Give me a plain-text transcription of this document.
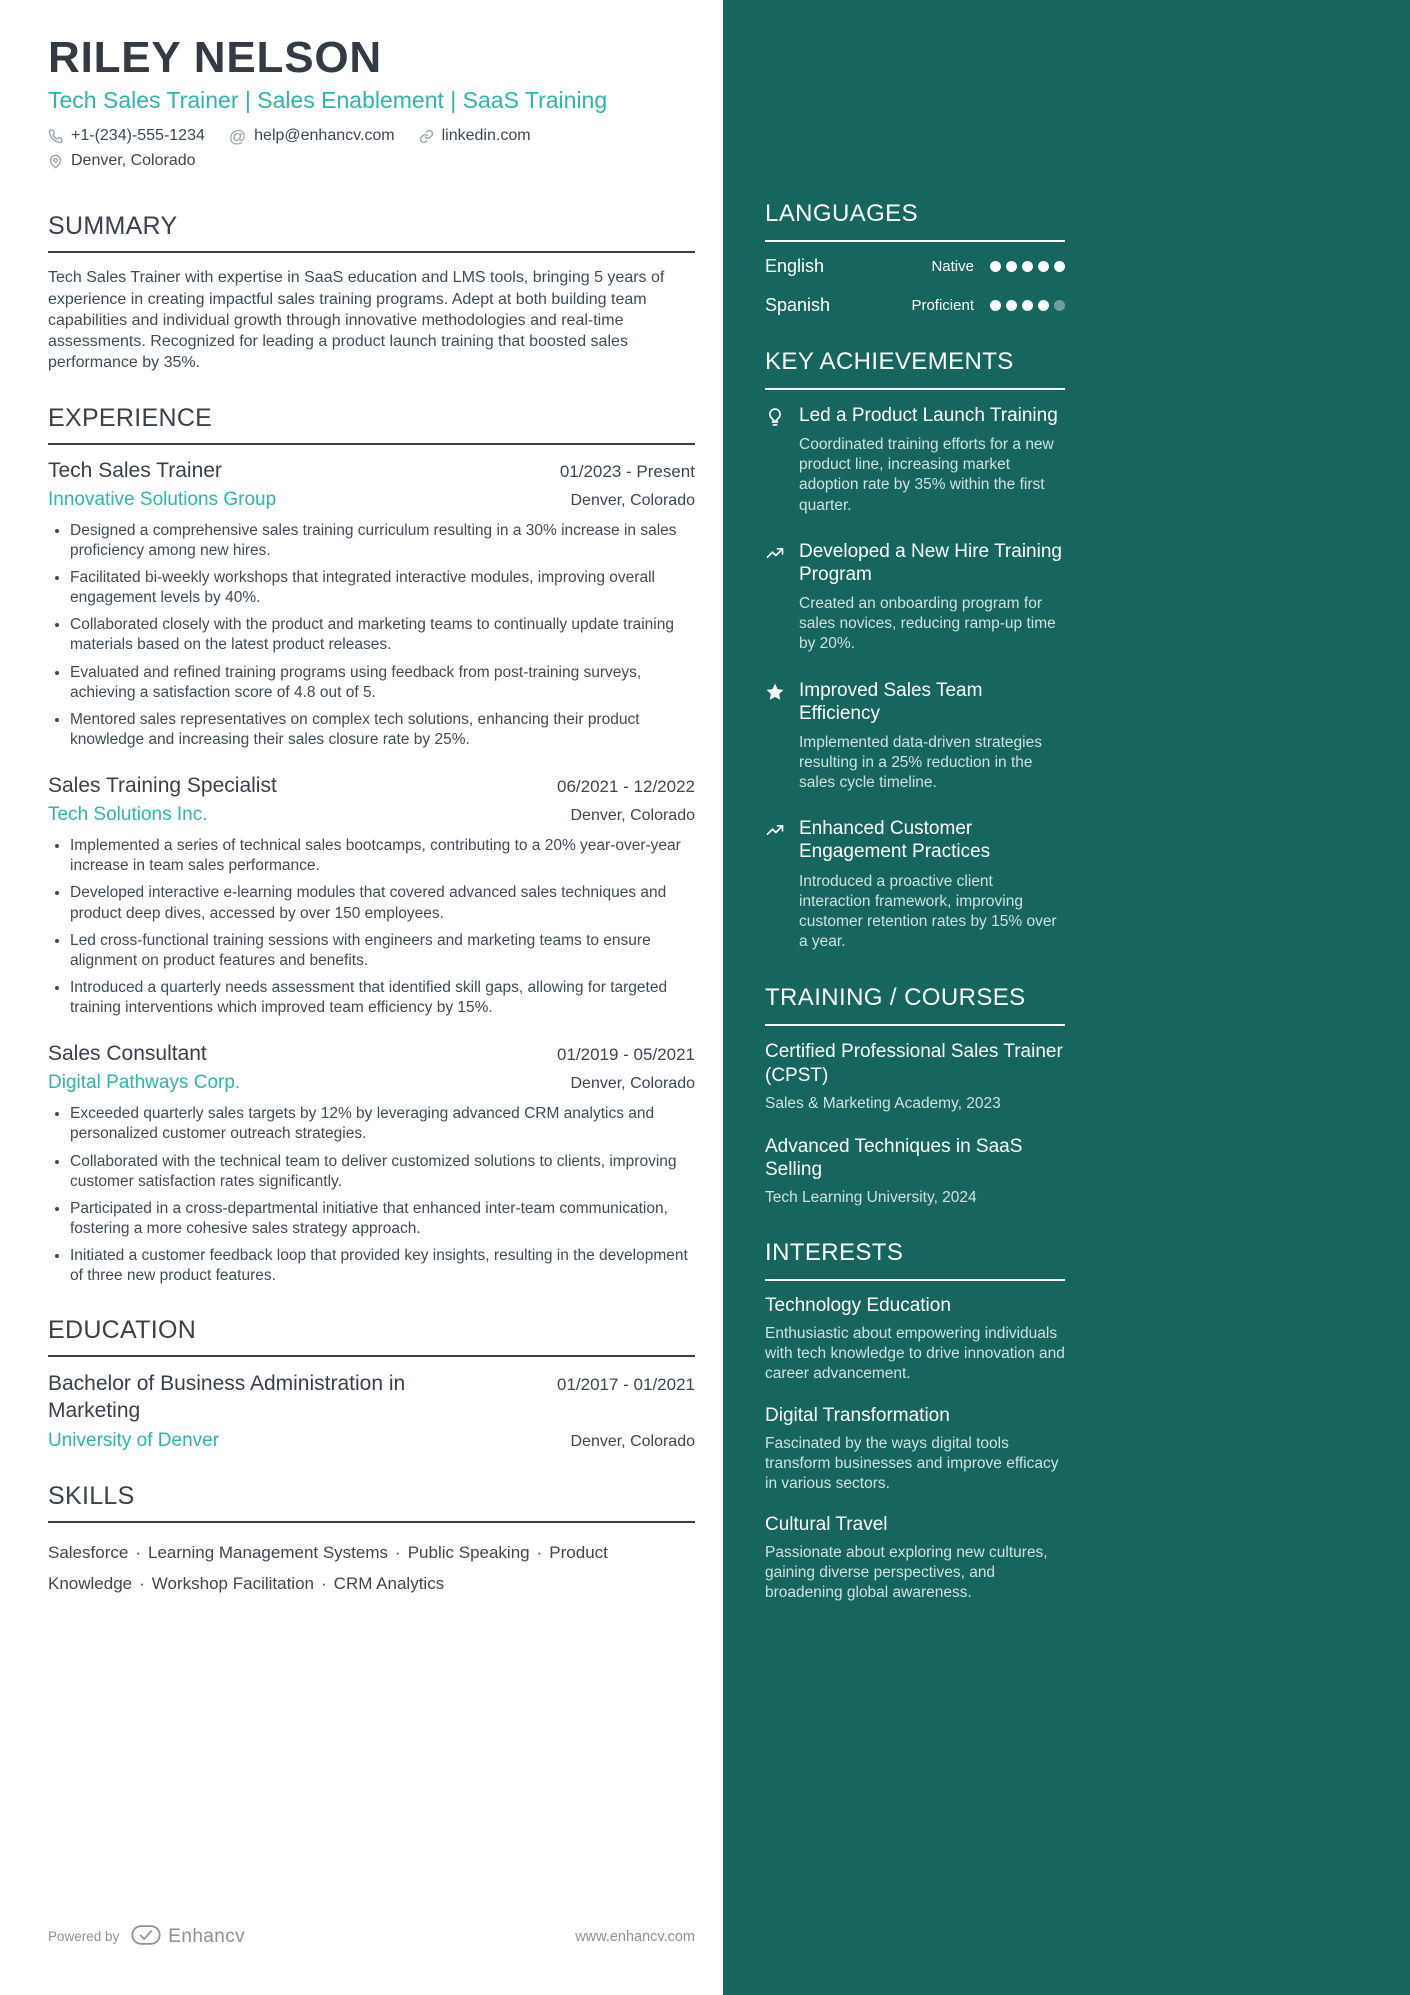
LANGUAGES
English	Native
Spanish	Proficient
KEY ACHIEVEMENTS
Led a Product Launch Training
Coordinated training efforts for a new product line, increasing market adoption rate by 35% within the first quarter.
Developed a New Hire Training Program
Created an onboarding program for sales novices, reducing ramp-up time by 20%.
Improved Sales Team Efficiency
Implemented data-driven strategies resulting in a 25% reduction in the sales cycle timeline.
Enhanced Customer Engagement Practices
Introduced a proactive client interaction framework, improving customer retention rates by 15% over a year.
TRAINING / COURSES
Certified Professional Sales Trainer (CPST)
Sales & Marketing Academy, 2023
Advanced Techniques in SaaS Selling
Tech Learning University, 2024
INTERESTS
Technology Education
Enthusiastic about empowering individuals with tech knowledge to drive innovation and career advancement.
Digital Transformation
Fascinated by the ways digital tools transform businesses and improve efficacy in various sectors.
Cultural Travel
Passionate about exploring new cultures, gaining diverse perspectives, and broadening global awareness.
RILEY NELSON
Tech Sales Trainer | Sales Enablement | SaaS Training
+1-(234)-555-1234 @ help@enhancv.com	linkedin.com
Denver, Colorado
SUMMARY

Tech Sales Trainer with expertise in SaaS education and LMS tools, bringing 5 years of experience in creating impactful sales training programs. Adept at both building team capabilities and individual growth through innovative methodologies and real-time assessments. Recognized for leading a product launch training that boosted sales performance by 35%.

EXPERIENCE
Tech Sales Trainer	01/2023 - Present
Innovative Solutions Group	Denver, Colorado
• Designed a comprehensive sales training curriculum resulting in a 30% increase in sales proficiency among new hires.
• Facilitated bi-weekly workshops that integrated interactive modules, improving overall engagement levels by 40%.
• Collaborated closely with the product and marketing teams to continually update training materials based on the latest product releases.
• Evaluated and refined training programs using feedback from post-training surveys, achieving a satisfaction score of 4.8 out of 5.
• Mentored sales representatives on complex tech solutions, enhancing their product knowledge and increasing their sales closure rate by 25%.
Sales Training Specialist	06/2021 - 12/2022
Tech Solutions Inc.	Denver, Colorado
• Implemented a series of technical sales bootcamps, contributing to a 20% year-over-year increase in team sales performance.
• Developed interactive e-learning modules that covered advanced sales techniques and product deep dives, accessed by over 150 employees.
• Led cross-functional training sessions with engineers and marketing teams to ensure alignment on product features and benefits.
• Introduced a quarterly needs assessment that identified skill gaps, allowing for targeted training interventions which improved team efficiency by 15%.
Sales Consultant	01/2019 - 05/2021
Digital Pathways Corp.	Denver, Colorado
• Exceeded quarterly sales targets by 12% by leveraging advanced CRM analytics and personalized customer outreach strategies.
• Collaborated with the technical team to deliver customized solutions to clients, improving customer satisfaction rates significantly.
• Participated in a cross-departmental initiative that enhanced inter-team communication, fostering a more cohesive sales strategy approach.
• Initiated a customer feedback loop that provided key insights, resulting in the development of three new product features.
EDUCATION
Bachelor of Business Administration in Marketing
01/2017 - 01/2021
University of Denver	Denver, Colorado
SKILLS
Salesforce · Learning Management Systems · Public Speaking · Product Knowledge · Workshop Facilitation · CRM Analytics
Powered by	Enhancv	www.enhancv.com
